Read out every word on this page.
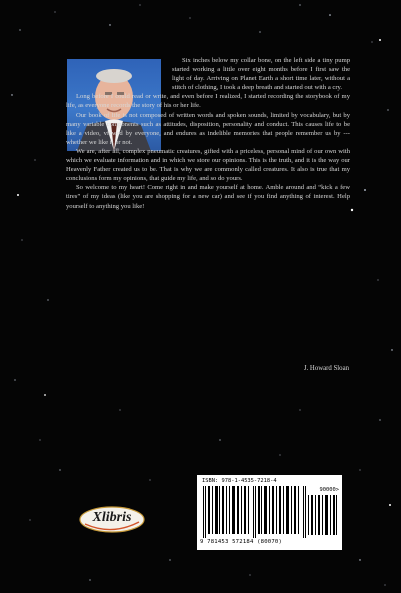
Six inches below my collar bone, on the left side a tiny pump started working a little over eight months before I first saw the light of day. Arriving on Planet Earth a short time later, without a stitch of clothing, I took a deep breath and started out with a cry.

Long before I could read or write, and even before I realized, I started recording the storybook of my life, as everyone records the story of his or her life.

Our book of life is not composed of written words and spoken sounds, limited by vocabulary, but by many variable components such as attitudes, disposition, personality and conduct. This causes life to be like a video, viewed by everyone, and endures as indelible memories that people remember us by ---whether we like it or not.

We are, after all, complex pneumatic creatures, gifted with a priceless, personal mind of our own with which we evaluate information and in which we store our opinions. This is the truth, and it is the way our Heavenly Father created us to be. That is why we are commonly called creatures. It also is true that my conclusions form my opinions, that guide my life, and so do yours.

So welcome to my heart! Come right in and make yourself at home. Amble around and “kick a few tires” of my ideas (like you are shopping for a new car) and see if you find anything of interest. Help yourself to anything you like!

J. Howard Sloan
ISBN: 978-1-4535-7218-4
90000>
9 781453 572184 (80070)
Xlibris
